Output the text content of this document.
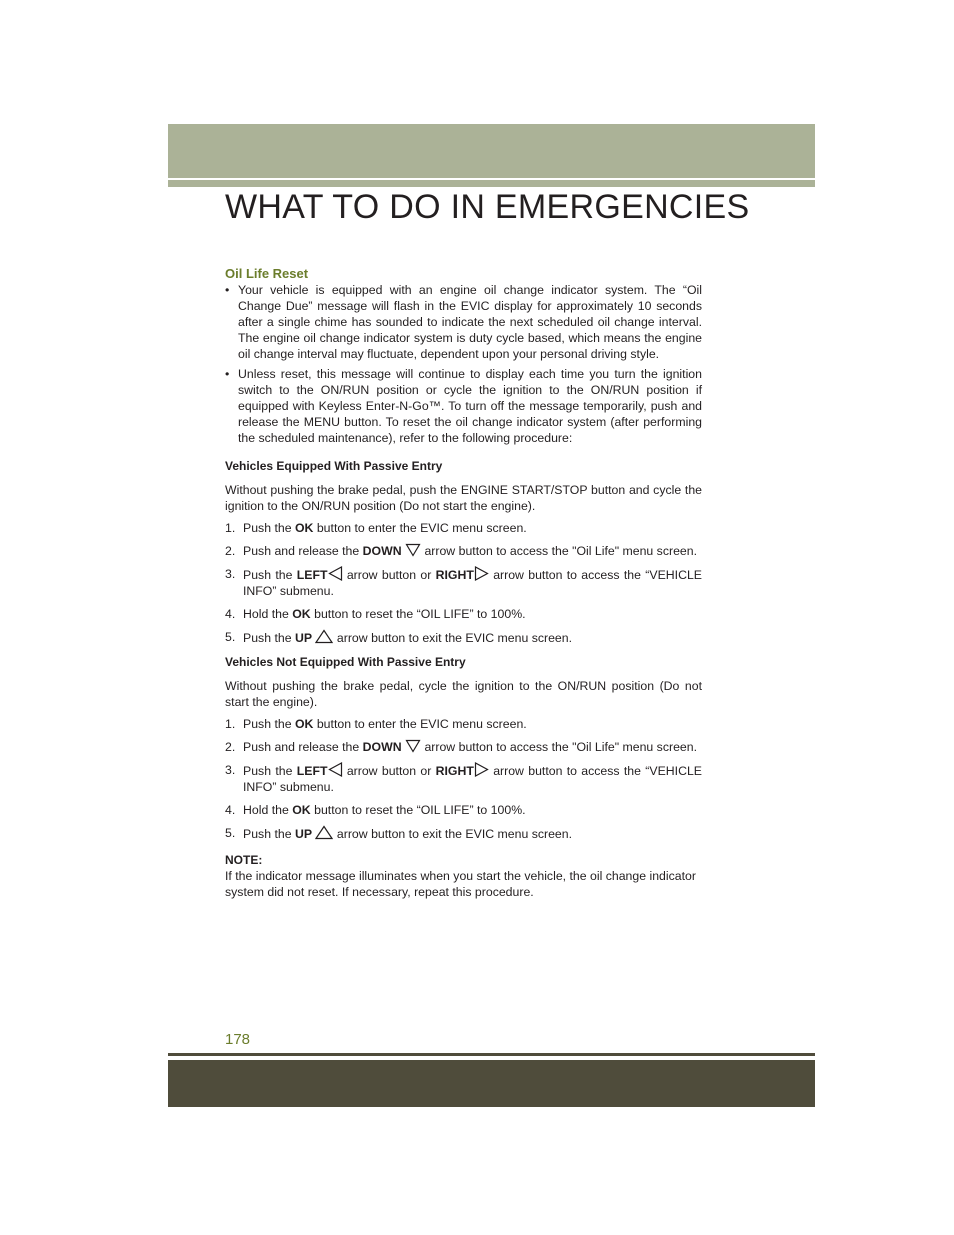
WHAT TO DO IN EMERGENCIES

Oil Life Reset

• Your vehicle is equipped with an engine oil change indicator system. The “Oil Change Due” message will flash in the EVIC display for approximately 10 seconds after a single chime has sounded to indicate the next scheduled oil change interval. The engine oil change indicator system is duty cycle based, which means the engine oil change interval may fluctuate, dependent upon your personal driving style.
• Unless reset, this message will continue to display each time you turn the ignition switch to the ON/RUN position or cycle the ignition to the ON/RUN position if equipped with Keyless Enter-N-Go™. To turn off the message temporarily, push and release the MENU button. To reset the oil change indicator system (after performing the scheduled maintenance), refer to the following procedure:

Vehicles Equipped With Passive Entry

Without pushing the brake pedal, push the ENGINE START/STOP button and cycle the ignition to the ON/RUN position (Do not start the engine).

1. Push the OK button to enter the EVIC menu screen.
2. Push and release the DOWN arrow button to access the "Oil Life" menu screen.
3. Push the LEFT arrow button or RIGHT arrow button to access the “VEHICLE INFO” submenu.
4. Hold the OK button to reset the “OIL LIFE” to 100%.
5. Push the UP arrow button to exit the EVIC menu screen.

Vehicles Not Equipped With Passive Entry

Without pushing the brake pedal, cycle the ignition to the ON/RUN position (Do not start the engine).

1. Push the OK button to enter the EVIC menu screen.
2. Push and release the DOWN arrow button to access the "Oil Life" menu screen.
3. Push the LEFT arrow button or RIGHT arrow button to access the “VEHICLE INFO” submenu.
4. Hold the OK button to reset the “OIL LIFE” to 100%.
5. Push the UP arrow button to exit the EVIC menu screen.

NOTE:

If the indicator message illuminates when you start the vehicle, the oil change indicator system did not reset. If necessary, repeat this procedure.

178
